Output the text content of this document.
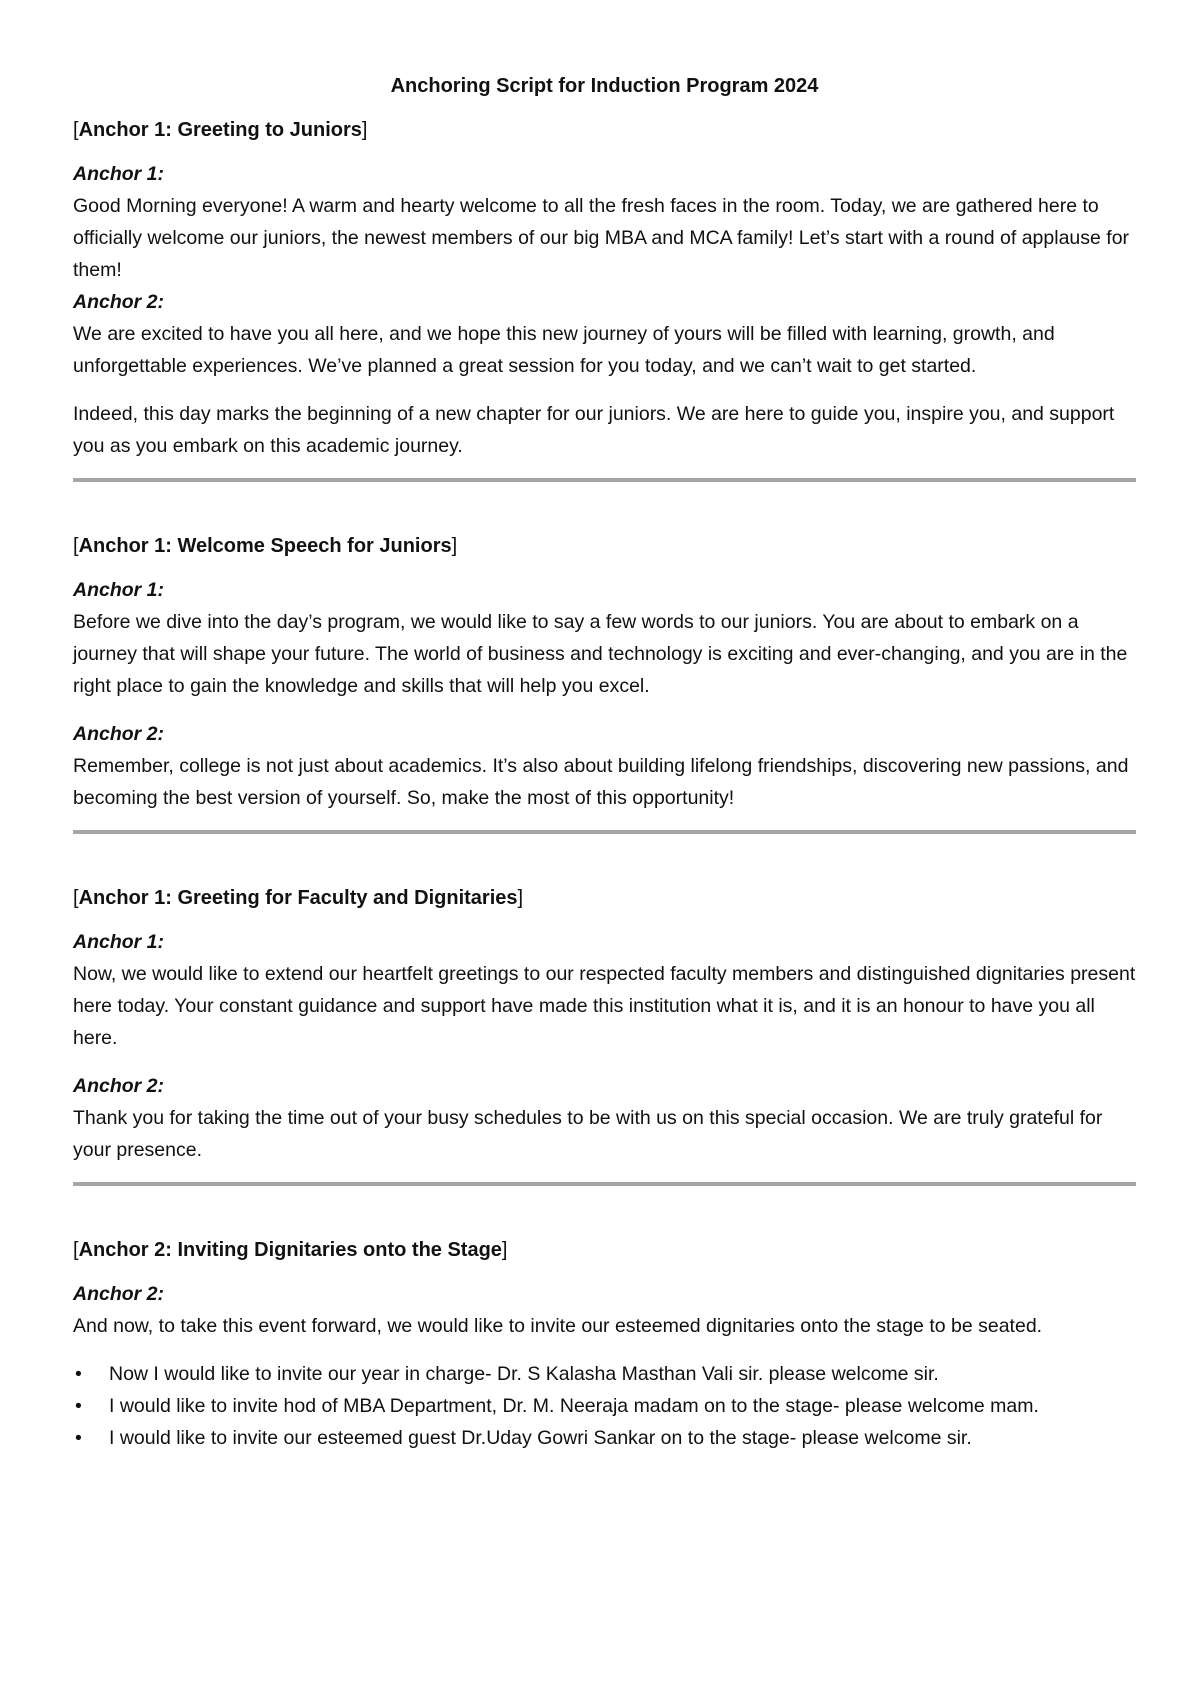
Anchoring Script for Induction Program 2024
[Anchor 1: Greeting to Juniors]

Anchor 1:

Good Morning everyone! A warm and hearty welcome to all the fresh faces in the room. Today, we are gathered here to officially welcome our juniors, the newest members of our big MBA and MCA family! Let’s start with a round of applause for them!

Anchor 2:

We are excited to have you all here, and we hope this new journey of yours will be filled with learning, growth, and unforgettable experiences. We’ve planned a great session for you today, and we can’t wait to get started.

Indeed, this day marks the beginning of a new chapter for our juniors. We are here to guide you, inspire you, and support you as you embark on this academic journey.

[Anchor 1: Welcome Speech for Juniors]

Anchor 1:

Before we dive into the day’s program, we would like to say a few words to our juniors. You are about to embark on a journey that will shape your future. The world of business and technology is exciting and ever-changing, and you are in the right place to gain the knowledge and skills that will help you excel.

Anchor 2:

Remember, college is not just about academics. It’s also about building lifelong friendships, discovering new passions, and becoming the best version of yourself. So, make the most of this opportunity!

[Anchor 1: Greeting for Faculty and Dignitaries]

Anchor 1:

Now, we would like to extend our heartfelt greetings to our respected faculty members and distinguished dignitaries present here today. Your constant guidance and support have made this institution what it is, and it is an honour to have you all here.

Anchor 2:

Thank you for taking the time out of your busy schedules to be with us on this special occasion. We are truly grateful for your presence.

[Anchor 2: Inviting Dignitaries onto the Stage]

Anchor 2:

And now, to take this event forward, we would like to invite our esteemed dignitaries onto the stage to be seated.

• Now I would like to invite our year in charge- Dr. S Kalasha Masthan Vali sir. please welcome sir.
• I would like to invite hod of MBA Department, Dr. M. Neeraja madam on to the stage- please welcome mam.
• I would like to invite our esteemed guest Dr.Uday Gowri Sankar on to the stage- please welcome sir.
